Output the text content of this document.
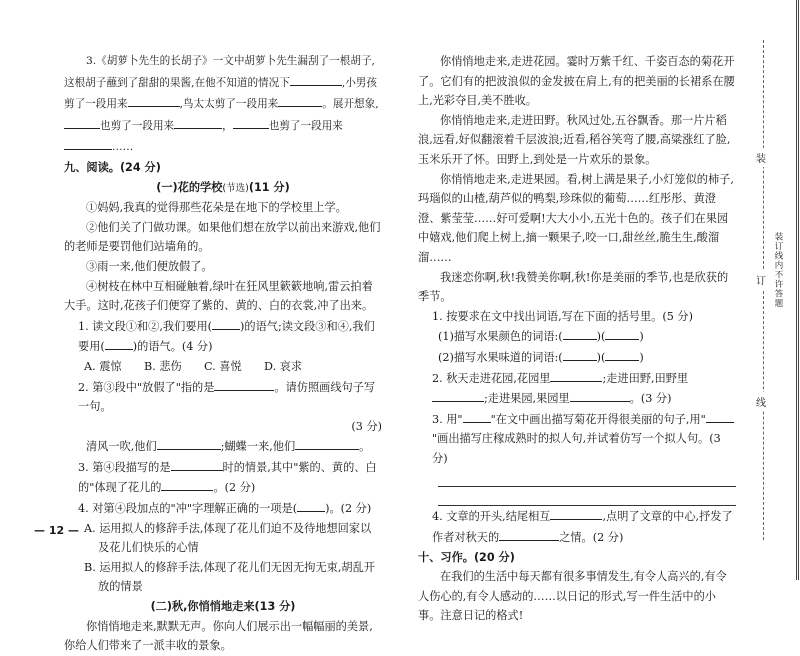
3.《胡萝卜先生的长胡子》一文中胡萝卜先生漏刮了一根胡子,这根胡子蘸到了甜甜的果酱,在他不知道的情况下	,小男孩剪了一段用来	,鸟太太剪了一段用来	。展开想象,也剪了一段用来	，	也剪了一段用来……

九、阅读。(24 分)

(一)花的学校(节选)(11 分)

①妈妈,我真的觉得那些花朵是在地下的学校里上学。

②他们关了门做功课。如果他们想在放学以前出来游戏,他们的老师是要罚他们站墙角的。

③雨一来,他们便放假了。

④树枝在林中互相碰触着,绿叶在狂风里簌簌地响,雷云拍着大手。这时,花孩子们便穿了紫的、黄的、白的衣裳,冲了出来。

1. 读文段①和②,我们要用(	)的语气;读文段③和④,我们要用(	)的语气。(4 分)

A. 震惊	B. 悲伤	C. 喜悦	D. 哀求

2. 第③段中"放假了"指的是	。请仿照画线句子写一句。

(3 分)

清风一吹,他们	;蝴蝶一来,他们	。

3. 第④段描写的是	时的情景,其中"紫的、黄的、白的"体现了花儿的	。(2 分)

4. 对第④段加点的"冲"字理解正确的一项是(	)。(2 分)

A. 运用拟人的修辞手法,体现了花儿们迫不及待地想回家以及花儿们快乐的心情

B. 运用拟人的修辞手法,体现了花儿们无因无拘无束,胡乱开放的情景

(二)秋,你悄悄地走来(13 分)

你悄悄地走来,默默无声。你向人们展示出一幅幅丽的美景,你给人们带来了一派丰收的景象。

你悄悄地走来,走进花园。霎时万紫千红、千姿百态的菊花开了。它们有的把波浪似的金发披在肩上,有的把美丽的长裙系在腰上,光彩夺目,美不胜收。

你悄悄地走来,走进田野。秋风过处,五谷飘香。那一片片稻浪,远看,好似翻滚着千层波浪;近看,稻谷笑弯了腰,高粱涨红了脸,玉米乐开了怀。田野上,到处是一片欢乐的景象。

你悄悄地走来,走进果园。看,树上满是果子,小灯笼似的柿子,玛瑙似的山楂,葫芦似的鸭梨,珍珠似的葡萄……红彤彤、黄澄澄、紫莹莹……好可爱啊!大大小小,五光十色的。孩子们在果园中嬉戏,他们爬上树上,摘一颗果子,咬一口,甜丝丝,脆生生,酸溜溜……

我迷恋你啊,秋!我赞美你啊,秋!你是美丽的季节,也是欣获的季节。

1. 按要求在文中找出词语,写在下面的括号里。(5 分)

(1)描写水果颜色的词语:(	)(	)

(2)描写水果味道的词语:(	)(	)

2. 秋天走进花园,花园里	;走进田野,田野里;走进果园,果园里	。(3 分)

3. 用"	"在文中画出描写菊花开得很美丽的句子,用""画出描写庄稼成熟时的拟人句,并试着仿写一个拟人句。(3 分)

4. 文章的开头,结尾相互	,点明了文章的中心,抒发了作者对秋天的	之情。(2 分)

十、习作。(20 分)

在我们的生活中每天都有很多事情发生,有令人高兴的,有令人伤心的,有令人感动的……以日记的形式,写一件生活中的小事。注意日记的格式!

— 12 —
装
订
线
装订线内不许答题
